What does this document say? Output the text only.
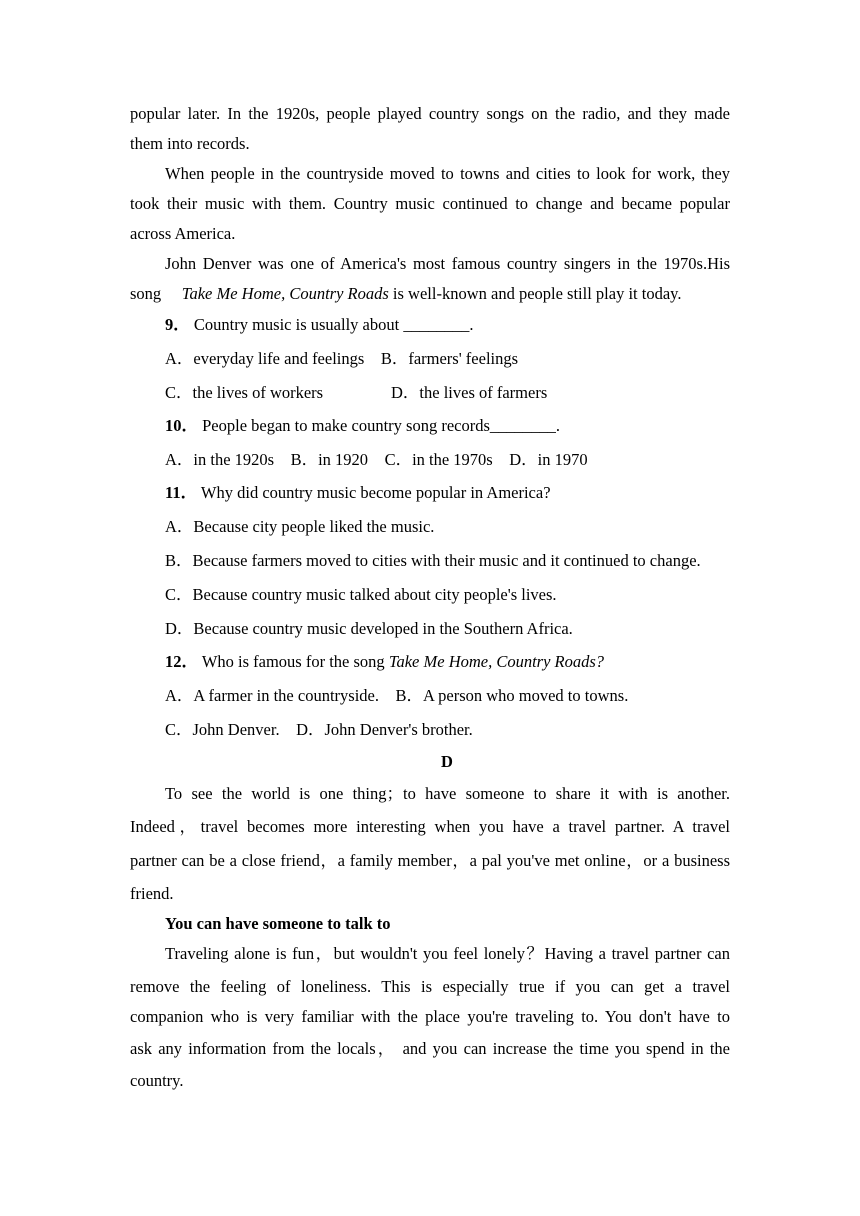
popular later. In the 1920s, people played country songs on the radio, and they made
them into records.
When people in the countryside moved to towns and cities to look for work, they
took their music with them. Country music continued to change and became popular
across America.
John Denver was one of America's most famous country singers in the 1970s.His
song Take Me Home, Country Roads is well-known and people still play it today.
9． Country music is usually about ________.
A．everyday life and feelings B．farmers' feelings
C．the lives of workers	D．the lives of farmers
10． People began to make country song records________.
A．in the 1920s B．in 1920 C．in the 1970s D．in 1970
11． Why did country music become popular in America?
A．Because city people liked the music.
B．Because farmers moved to cities with their music and it continued to change.
C．Because country music talked about city people's lives.
D．Because country music developed in the Southern Africa.
12． Who is famous for the song Take Me Home, Country Roads?
A．A farmer in the countryside. B．A person who moved to towns.
C．John Denver. D．John Denver's brother.
D
To see the world is one thing；to have someone to share it with is another.
Indeed，travel becomes more interesting when you have a travel partner. A travel
partner can be a close friend，a family member，a pal you've met online，or a business
friend.
You can have someone to talk to
Traveling alone is fun，but wouldn't you feel lonely？Having a travel partner can
remove the feeling of loneliness. This is especially true if you can get a travel
companion who is very familiar with the place you're traveling to. You don't have to
ask any information from the locals， and you can increase the time you spend in the
country.
